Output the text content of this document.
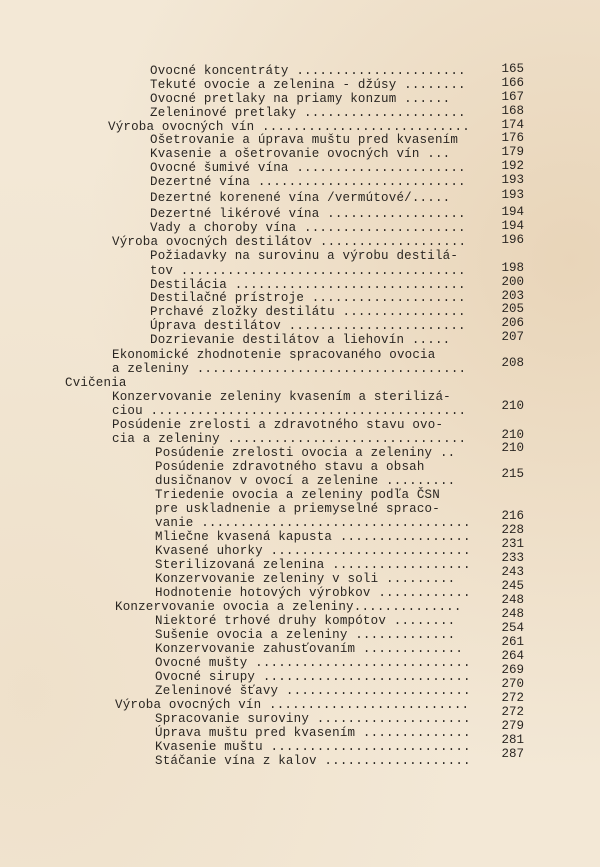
Ovocné koncentráty ......................	165
Tekuté ovocie a zelenina - džúsy ........	166
Ovocné pretlaky na priamy konzum ......	167
Zeleninové pretlaky .....................	168
Výroba ovocných vín ...........................	174
Ošetrovanie a úprava muštu pred kvasením	176
Kvasenie a ošetrovanie ovocných vín ...	179
Ovocné šumivé vína ......................	192
Dezertné vína ...........................	193
Dezertné korenené vína /vermútové/.....	193
Dezertné likérové vína ..................	194
Vady a choroby vína .....................	194
Výroba ovocných destilátov ...................	196
Požiadavky na surovinu a výrobu destilá-
tov .....................................	198
Destilácia ..............................	200
Destilačné prístroje ....................	203
Prchavé zložky destilátu ................	205
Úprava destilátov .......................	206
Dozrievanie destilátov a liehovín .....	207
Ekonomické zhodnotenie spracovaného ovocia
a zeleniny ...................................	208
Cvičenia
Konzervovanie zeleniny kvasením a sterilizá-
ciou .........................................	210
Posúdenie zrelosti a zdravotného stavu ovo-
cia a zeleniny ...............................	210
Posúdenie zrelosti ovocia a zeleniny ..	210
Posúdenie zdravotného stavu a obsah
dusičnanov v ovocí a zelenine .........	215
Triedenie ovocia a zeleniny podľa ČSN
pre uskladnenie a priemyselné spraco-
vanie ...................................	216
Mliečne kvasená kapusta .................	228
Kvasené uhorky ..........................	231
Sterilizovaná zelenina ..................	233
Konzervovanie zeleniny v soli .........	243
Hodnotenie hotových výrobkov ............	245
Konzervovanie ovocia a zeleniny..............	248
Niektoré trhové druhy kompótov ........	248
Sušenie ovocia a zeleniny .............	254
Konzervovanie zahusťovaním .............	261
Ovocné mušty ............................	264
Ovocné sirupy ...........................	269
Zeleninové šťavy ........................	270
Výroba ovocných vín ..........................	272
Spracovanie suroviny ....................	272
Úprava muštu pred kvasením ..............	279
Kvasenie muštu ..........................	281
Stáčanie vína z kalov ...................	287
